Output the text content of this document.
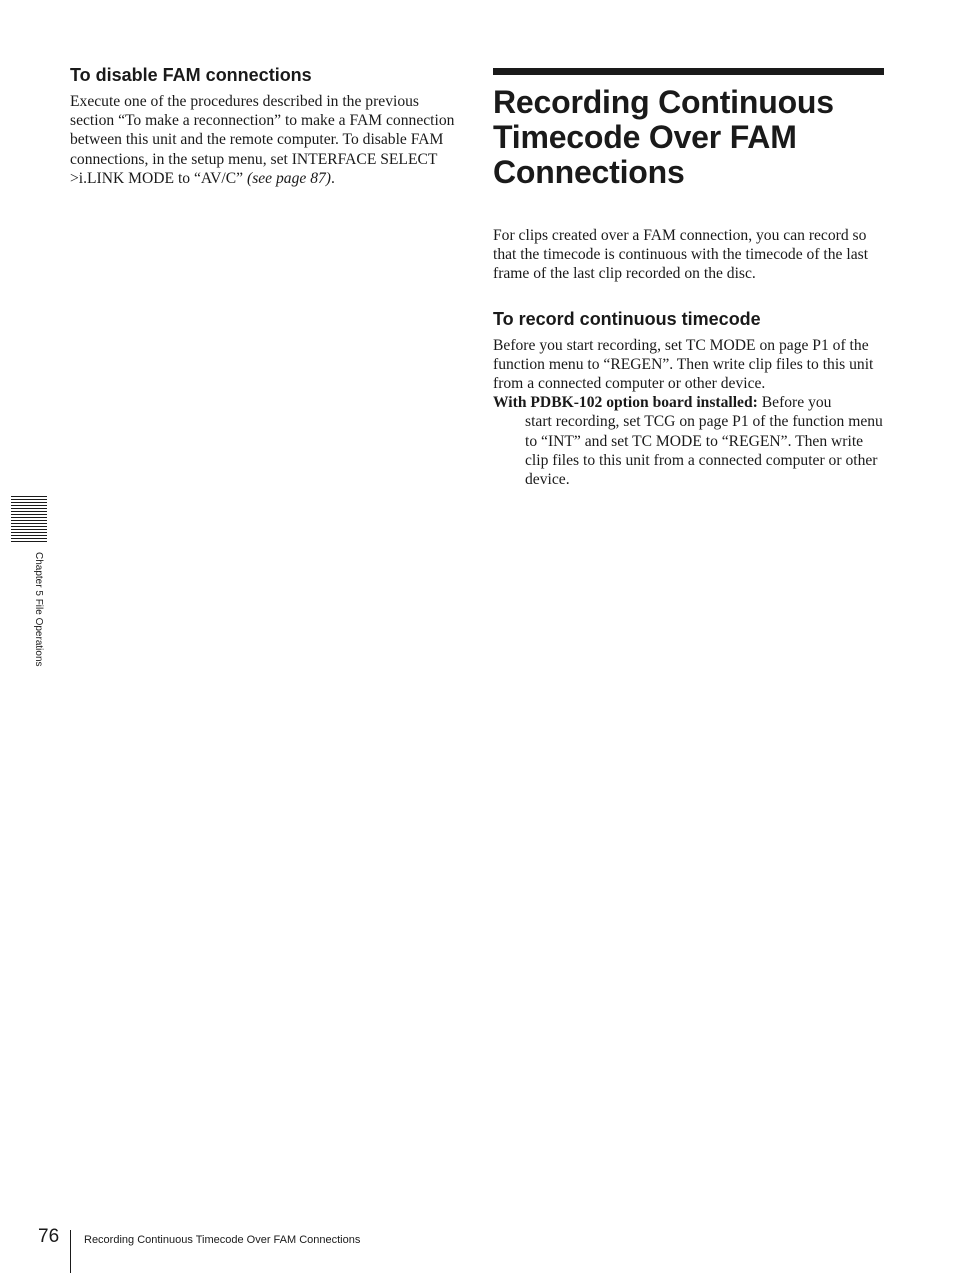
To disable FAM connections

Execute one of the procedures described in the previous section “To make a reconnection” to make a FAM connection between this unit and the remote computer. To disable FAM connections, in the setup menu, set INTERFACE SELECT >i.LINK MODE to “AV/C” (see page 87).

Recording Continuous Timecode Over FAM Connections

For clips created over a FAM connection, you can record so that the timecode is continuous with the timecode of the last frame of the last clip recorded on the disc.

To record continuous timecode

Before you start recording, set TC MODE on page P1 of the function menu to “REGEN”. Then write clip files to this unit from a connected computer or other device.

With PDBK-102 option board installed: Before you
start recording, set TCG on page P1 of the function menu to “INT” and set TC MODE to “REGEN”. Then write clip files to this unit from a connected computer or other device.

Chapter 5 File Operations
76 Recording Continuous Timecode Over FAM Connections
